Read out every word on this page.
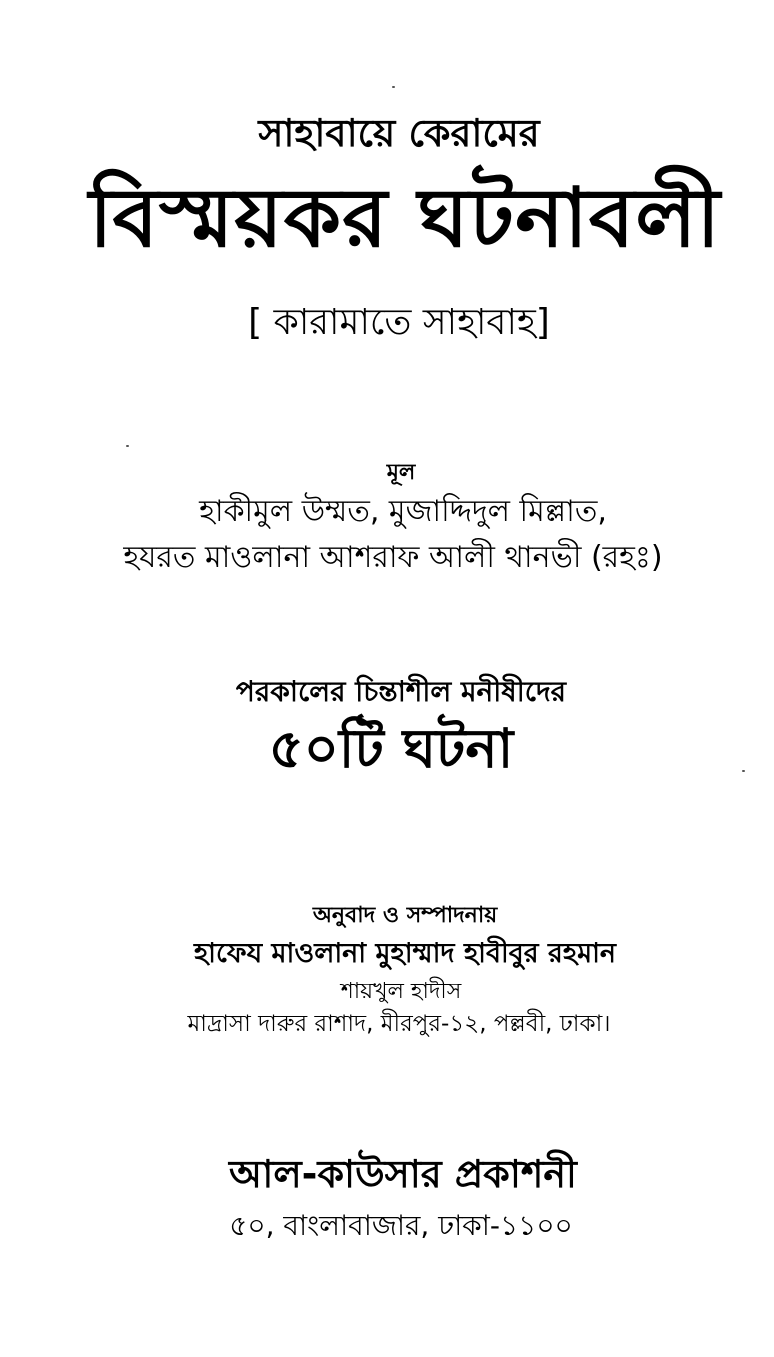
সাহাবায়ে কেরামের
বিস্ময়কর ঘটনাবলী
[ কারামাতে সাহাবাহ]
মূল
হাকীমুল উম্মত, মুজাদ্দিদুল মিল্লাত,
হযরত মাওলানা আশরাফ আলী থানভী (রহঃ)
পরকালের চিন্তাশীল মনীষীদের
৫০টি ঘটনা
অনুবাদ ও সম্পাদনায়
হাফেয মাওলানা মুহাম্মাদ হাবীবুর রহমান
শায়খুল হাদীস
মাদ্রাসা দারুর রাশাদ, মীরপুর-১২, পল্লবী, ঢাকা।
আল-কাউসার প্রকাশনী
৫০, বাংলাবাজার, ঢাকা-১১০০
